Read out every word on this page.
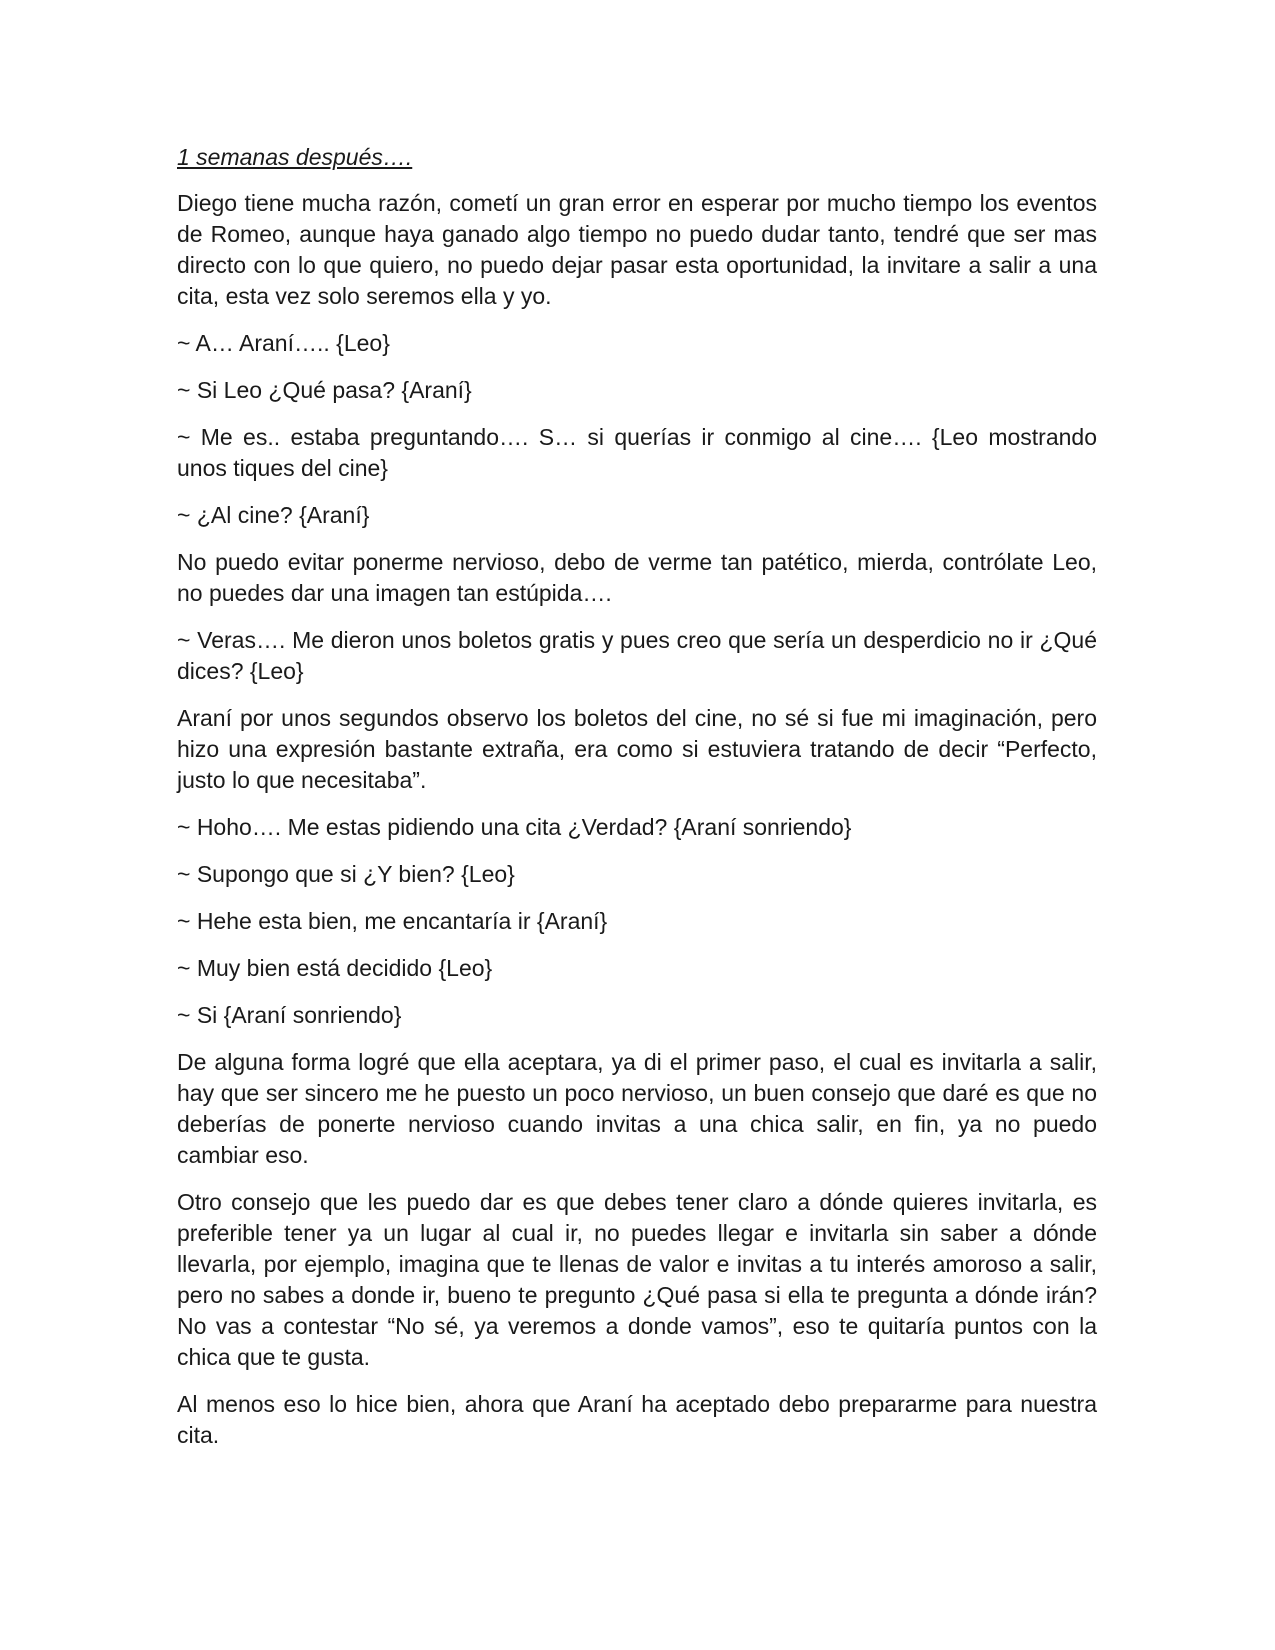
1 semanas después….
Diego tiene mucha razón, cometí un gran error en esperar por mucho tiempo los eventos de Romeo, aunque haya ganado algo tiempo no puedo dudar tanto, tendré que ser mas directo con lo que quiero, no puedo dejar pasar esta oportunidad, la invitare a salir a una cita, esta vez solo seremos ella y yo.
~ A… Araní….. {Leo}
~ Si Leo ¿Qué pasa? {Araní}
~ Me es.. estaba preguntando…. S… si querías ir conmigo al cine…. {Leo mostrando unos tiques del cine}
~ ¿Al cine? {Araní}
No puedo evitar ponerme nervioso, debo de verme tan patético, mierda, contrólate Leo, no puedes dar una imagen tan estúpida….
~ Veras…. Me dieron unos boletos gratis y pues creo que sería un desperdicio no ir ¿Qué dices? {Leo}
Araní por unos segundos observo los boletos del cine, no sé si fue mi imaginación, pero hizo una expresión bastante extraña, era como si estuviera tratando de decir “Perfecto, justo lo que necesitaba”.
~ Hoho…. Me estas pidiendo una cita ¿Verdad? {Araní sonriendo}
~ Supongo que si ¿Y bien? {Leo}
~ Hehe esta bien, me encantaría ir {Araní}
~ Muy bien está decidido {Leo}
~ Si {Araní sonriendo}
De alguna forma logré que ella aceptara, ya di el primer paso, el cual es invitarla a salir, hay que ser sincero me he puesto un poco nervioso, un buen consejo que daré es que no deberías de ponerte nervioso cuando invitas a una chica salir, en fin, ya no puedo cambiar eso.
Otro consejo que les puedo dar es que debes tener claro a dónde quieres invitarla, es preferible tener ya un lugar al cual ir, no puedes llegar e invitarla sin saber a dónde llevarla, por ejemplo, imagina que te llenas de valor e invitas a tu interés amoroso a salir, pero no sabes a donde ir, bueno te pregunto ¿Qué pasa si ella te pregunta a dónde irán? No vas a contestar “No sé, ya veremos a donde vamos”, eso te quitaría puntos con la chica que te gusta.
Al menos eso lo hice bien, ahora que Araní ha aceptado debo prepararme para nuestra cita.
